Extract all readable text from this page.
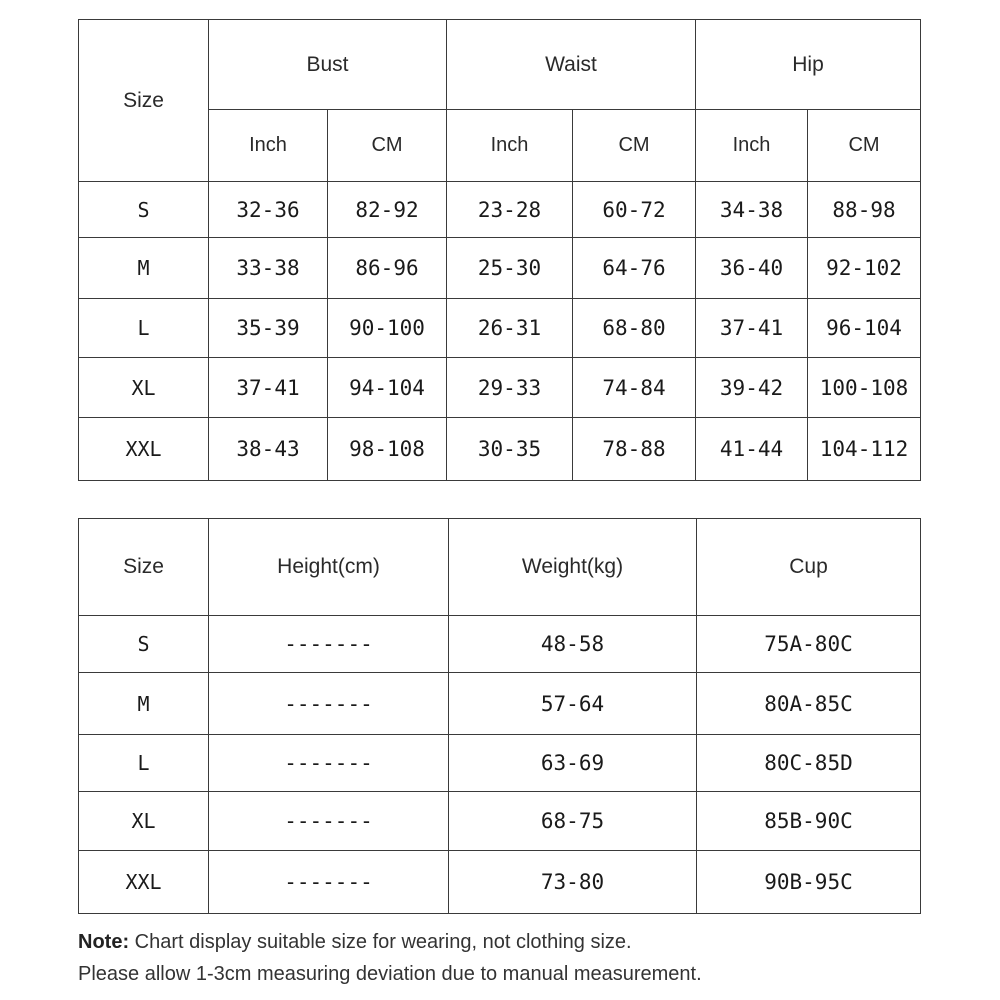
Size	Bust		Waist		Hip	
	Inch	CM	Inch	CM	Inch	CM
S	32-36	82-92	23-28	60-72	34-38	88-98
M	33-38	86-96	25-30	64-76	36-40	92-102
L	35-39	90-100	26-31	68-80	37-41	96-104
XL	37-41	94-104	29-33	74-84	39-42	100-108
XXL	38-43	98-108	30-35	78-88	41-44	104-112
Size	Height(cm)	Weight(kg)	Cup
S	-------	48-58	75A-80C
M	-------	57-64	80A-85C
L	-------	63-69	80C-85D
XL	-------	68-75	85B-90C
XXL	-------	73-80	90B-95C
Note: Chart display suitable size for wearing, not clothing size.
Please allow 1-3cm measuring deviation due to manual measurement.
